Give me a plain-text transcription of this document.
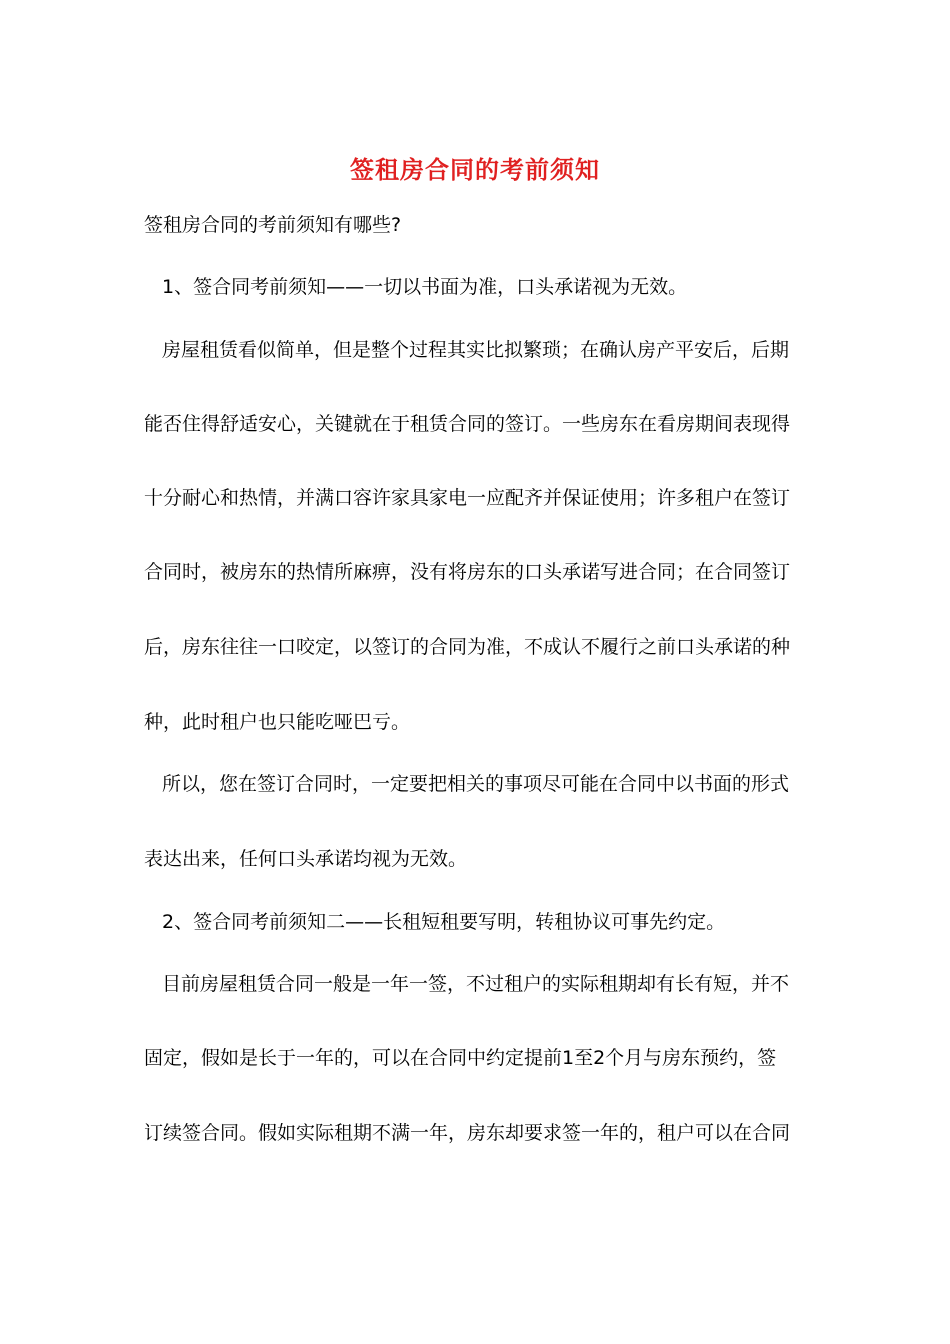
签租房合同的考前须知
签租房合同的考前须知有哪些?
1、签合同考前须知——一切以书面为准，口头承诺视为无效。
房屋租赁看似简单，但是整个过程其实比拟繁琐；在确认房产平安后，后期
能否住得舒适安心，关键就在于租赁合同的签订。一些房东在看房期间表现得
十分耐心和热情，并满口容许家具家电一应配齐并保证使用；许多租户在签订
合同时，被房东的热情所麻痹，没有将房东的口头承诺写进合同；在合同签订
后，房东往往一口咬定，以签订的合同为准，不成认不履行之前口头承诺的种
种，此时租户也只能吃哑巴亏。
所以，您在签订合同时，一定要把相关的事项尽可能在合同中以书面的形式
表达出来，任何口头承诺均视为无效。
2、签合同考前须知二——长租短租要写明，转租协议可事先约定。
目前房屋租赁合同一般是一年一签，不过租户的实际租期却有长有短，并不
固定，假如是长于一年的，可以在合同中约定提前1至2个月与房东预约，签
订续签合同。假如实际租期不满一年，房东却要求签一年的，租户可以在合同
